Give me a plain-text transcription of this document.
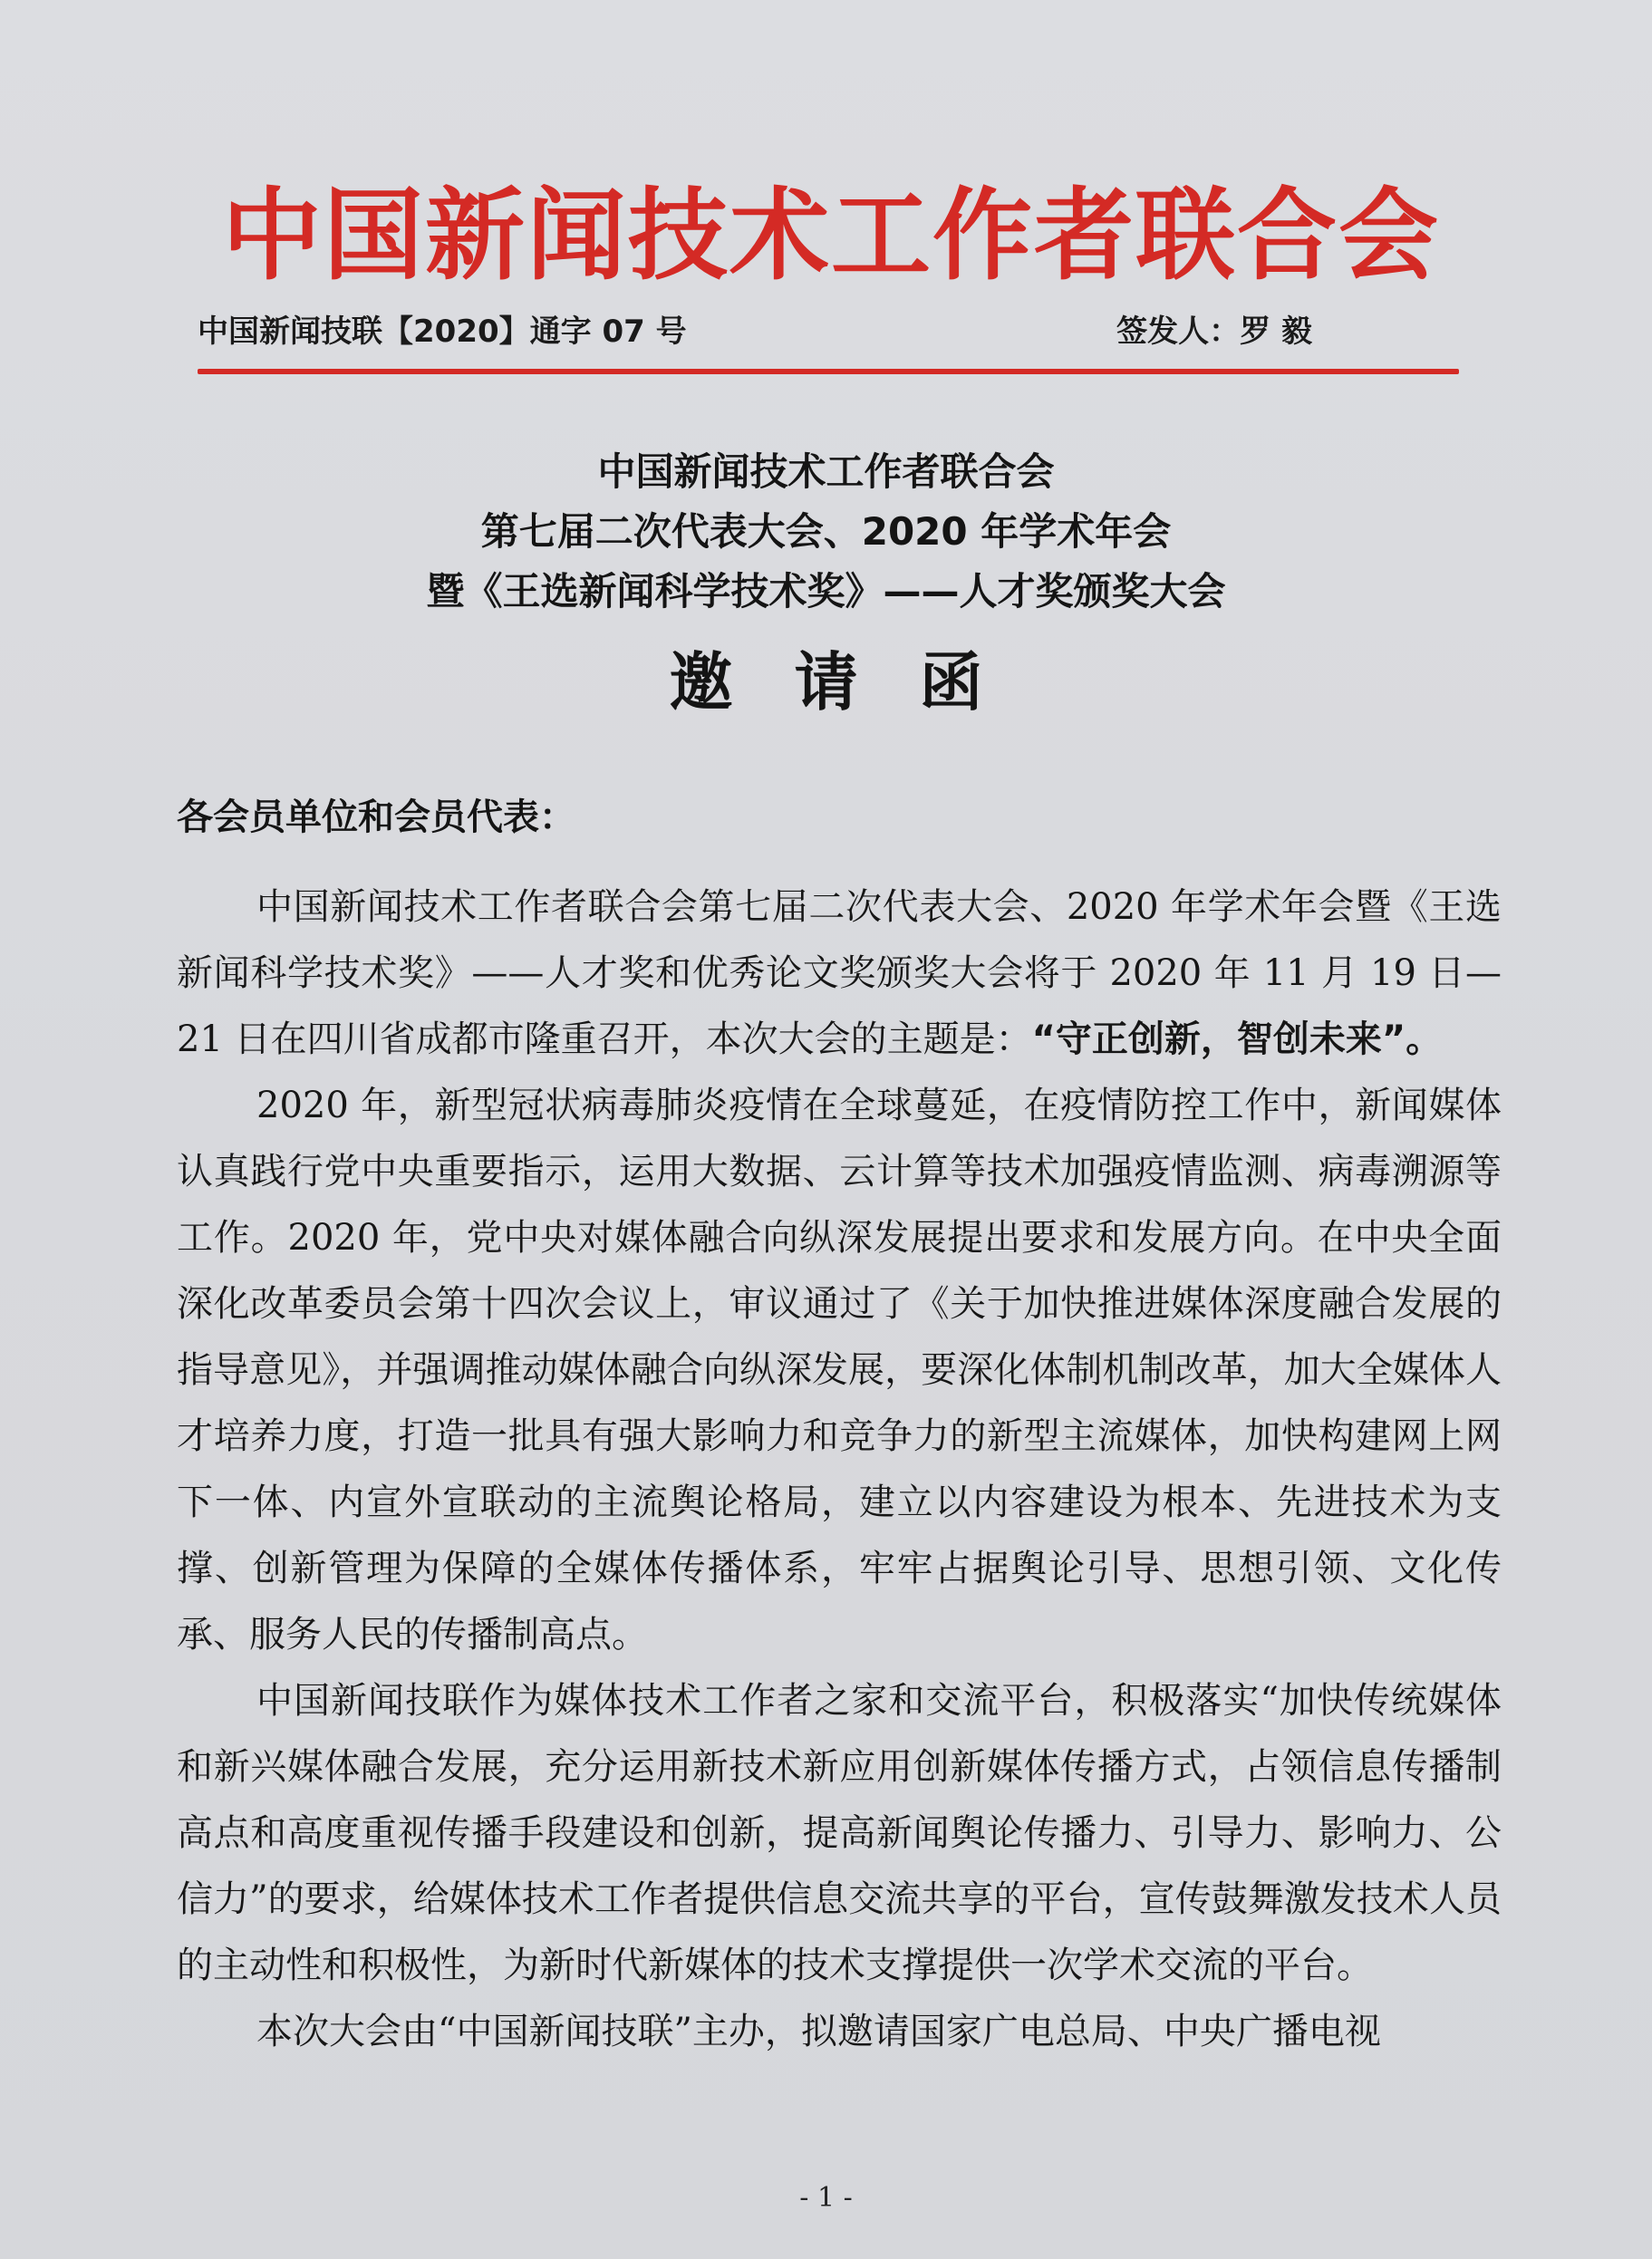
中国新闻技术工作者联合会
中国新闻技联【2020】通字 07 号	签发人：罗 毅
中国新闻技术工作者联合会
第七届二次代表大会、2020 年学术年会
暨《王选新闻科学技术奖》——人才奖颁奖大会
邀请函
各会员单位和会员代表：

中国新闻技术工作者联合会第七届二次代表大会、2020 年学术年会暨《王选新闻科学技术奖》——人才奖和优秀论文奖颁奖大会将于 2020 年 11 月 19 日—21 日在四川省成都市隆重召开，本次大会的主题是：“守正创新，智创未来”。

2020 年，新型冠状病毒肺炎疫情在全球蔓延，在疫情防控工作中，新闻媒体认真践行党中央重要指示，运用大数据、云计算等技术加强疫情监测、病毒溯源等工作。2020 年，党中央对媒体融合向纵深发展提出要求和发展方向。在中央全面深化改革委员会第十四次会议上，审议通过了《关于加快推进媒体深度融合发展的指导意见》，并强调推动媒体融合向纵深发展，要深化体制机制改革，加大全媒体人才培养力度，打造一批具有强大影响力和竞争力的新型主流媒体，加快构建网上网下一体、内宣外宣联动的主流舆论格局，建立以内容建设为根本、先进技术为支撑、创新管理为保障的全媒体传播体系，牢牢占据舆论引导、思想引领、文化传承、服务人民的传播制高点。

中国新闻技联作为媒体技术工作者之家和交流平台，积极落实“加快传统媒体和新兴媒体融合发展，充分运用新技术新应用创新媒体传播方式，占领信息传播制高点和高度重视传播手段建设和创新，提高新闻舆论传播力、引导力、影响力、公信力”的要求，给媒体技术工作者提供信息交流共享的平台，宣传鼓舞激发技术人员的主动性和积极性，为新时代新媒体的技术支撑提供一次学术交流的平台。

本次大会由“中国新闻技联”主办，拟邀请国家广电总局、中央广播电视

- 1 -
